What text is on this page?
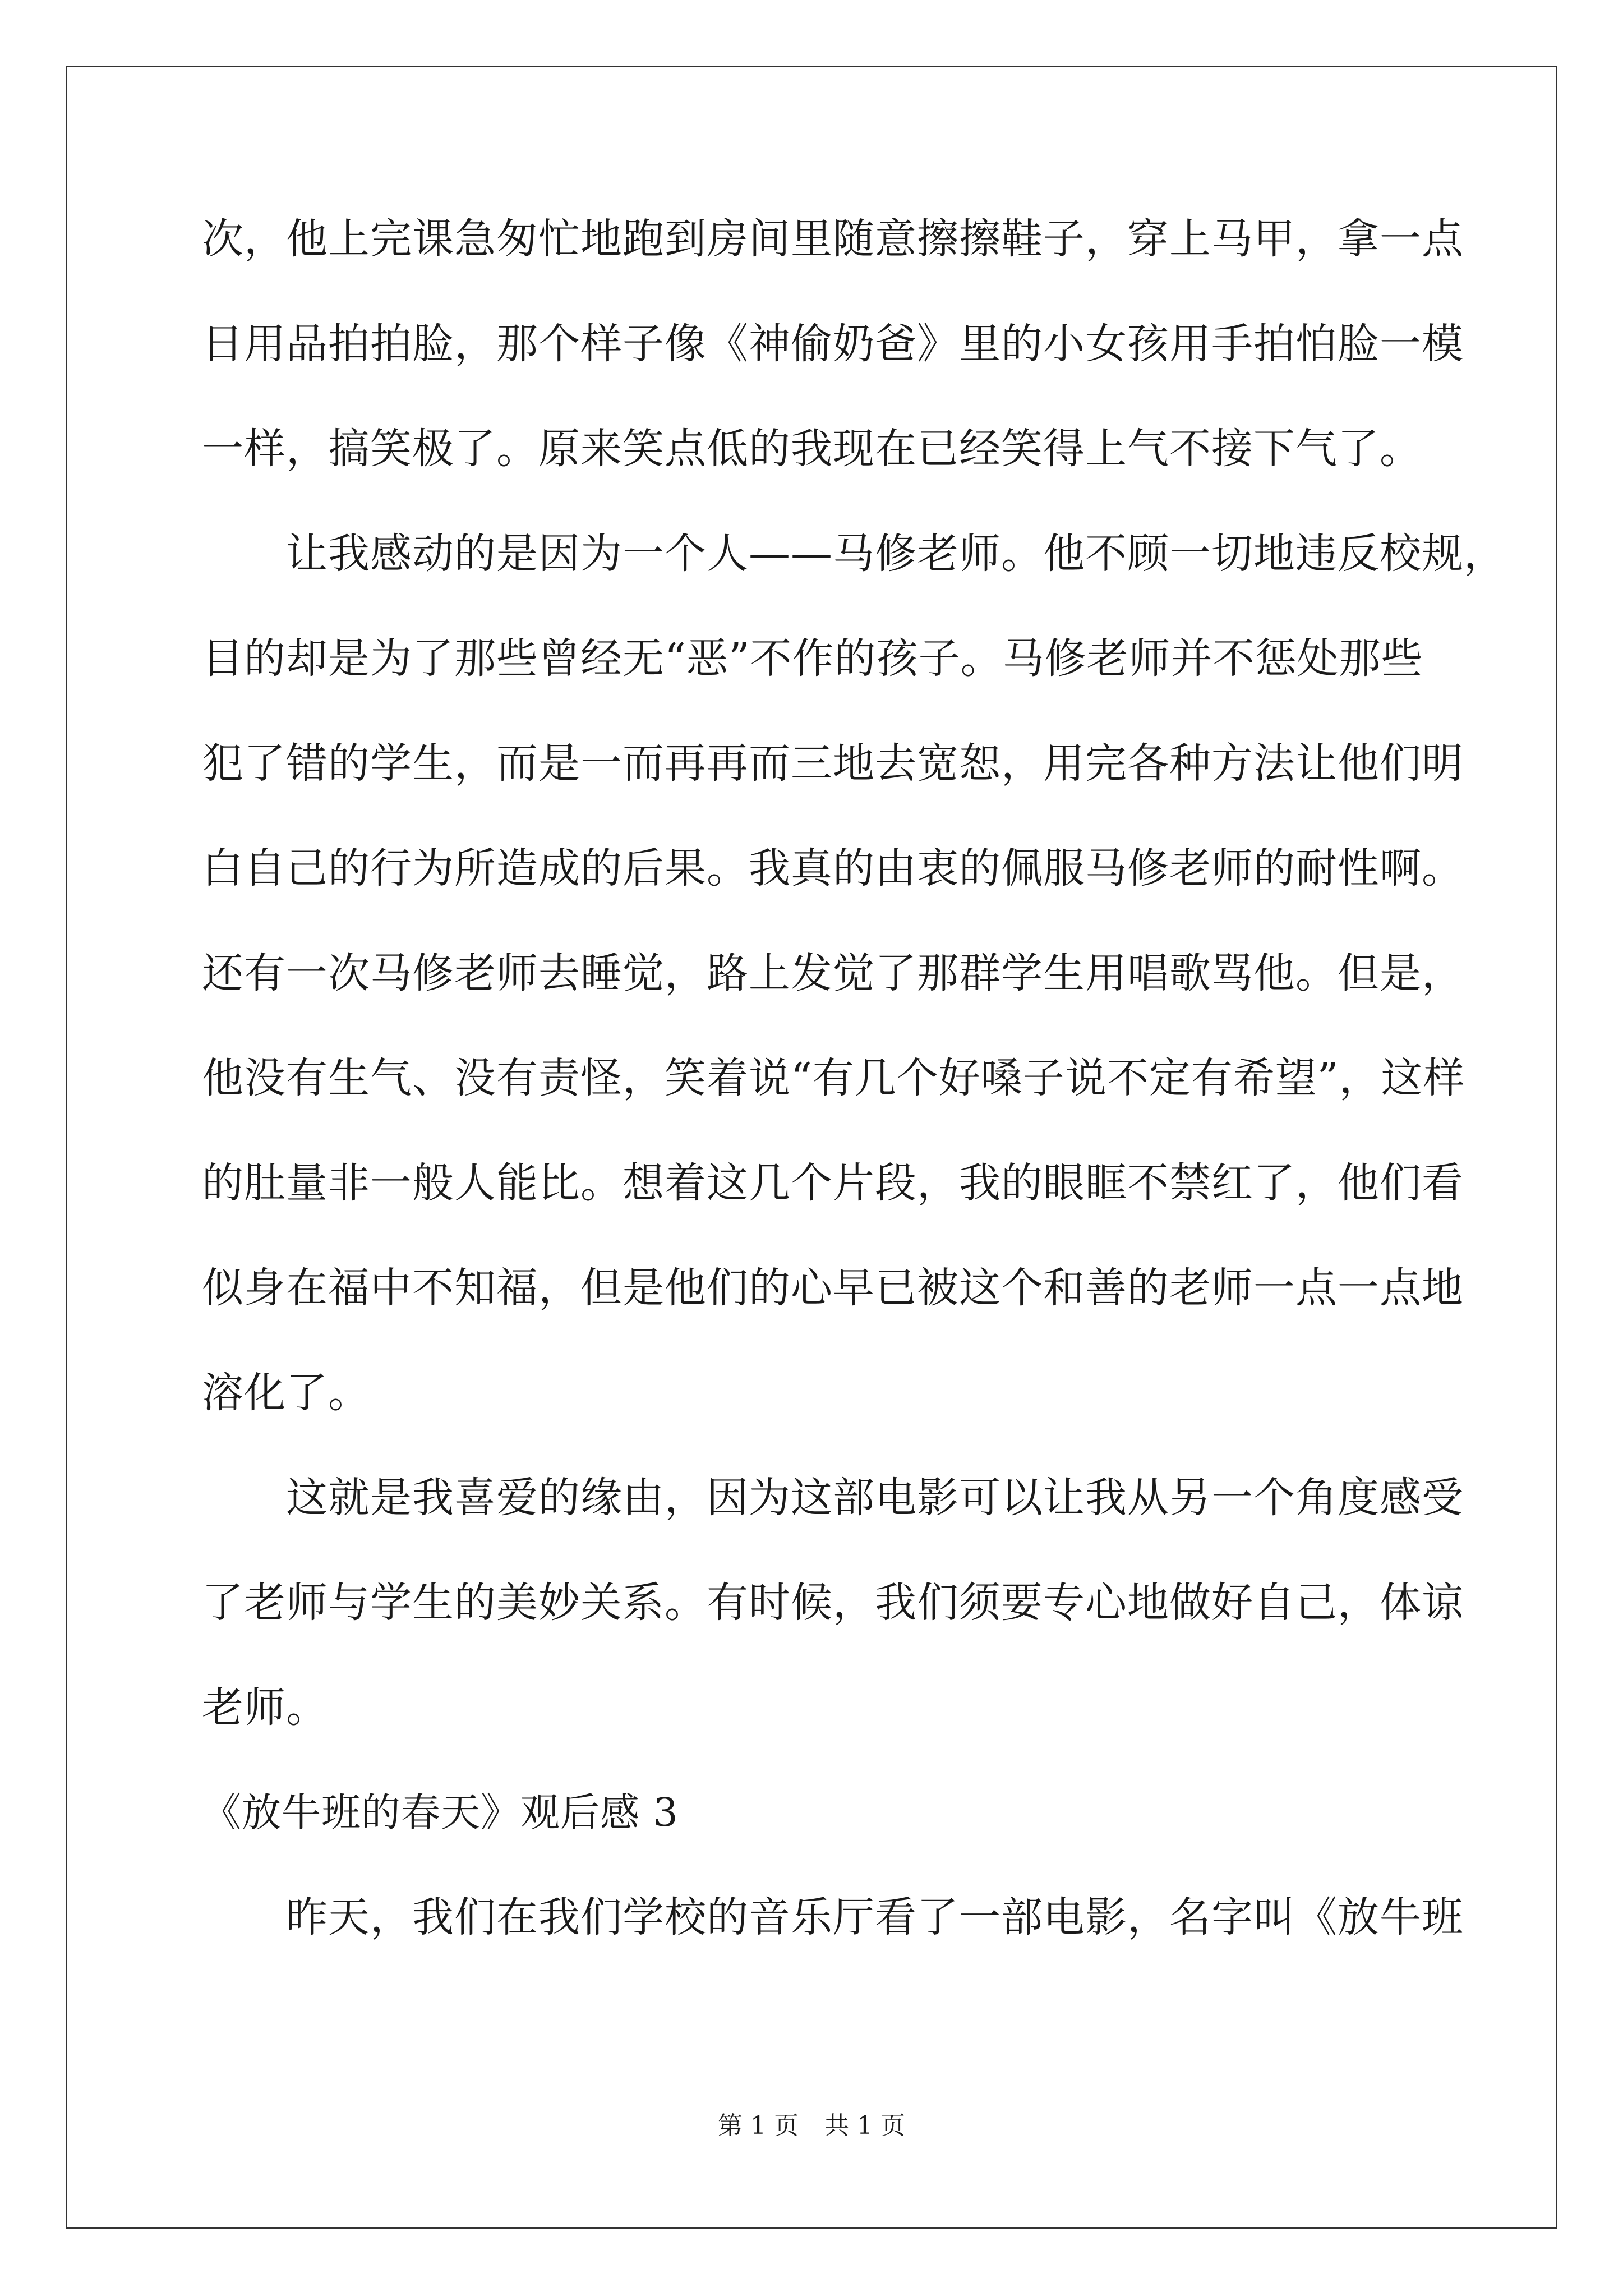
次，他上完课急匆忙地跑到房间里随意擦擦鞋子，穿上马甲，拿一点
日用品拍拍脸，那个样子像《神偷奶爸》里的小女孩用手拍怕脸一模
一样，搞笑极了。原来笑点低的我现在已经笑得上气不接下气了。
让我感动的是因为一个人——马修老师。他不顾一切地违反校规，
目的却是为了那些曾经无“恶”不作的孩子。马修老师并不惩处那些
犯了错的学生，而是一而再再而三地去宽恕，用完各种方法让他们明
白自己的行为所造成的后果。我真的由衷的佩服马修老师的耐性啊。
还有一次马修老师去睡觉，路上发觉了那群学生用唱歌骂他。但是，
他没有生气、没有责怪，笑着说“有几个好嗓子说不定有希望”，这样
的肚量非一般人能比。想着这几个片段，我的眼眶不禁红了，他们看
似身在福中不知福，但是他们的心早已被这个和善的老师一点一点地
溶化了。
这就是我喜爱的缘由，因为这部电影可以让我从另一个角度感受
了老师与学生的美妙关系。有时候，我们须要专心地做好自己，体谅
老师。
《放牛班的春天》观后感 3
昨天，我们在我们学校的音乐厅看了一部电影，名字叫《放牛班
第 1 页 共 1 页
